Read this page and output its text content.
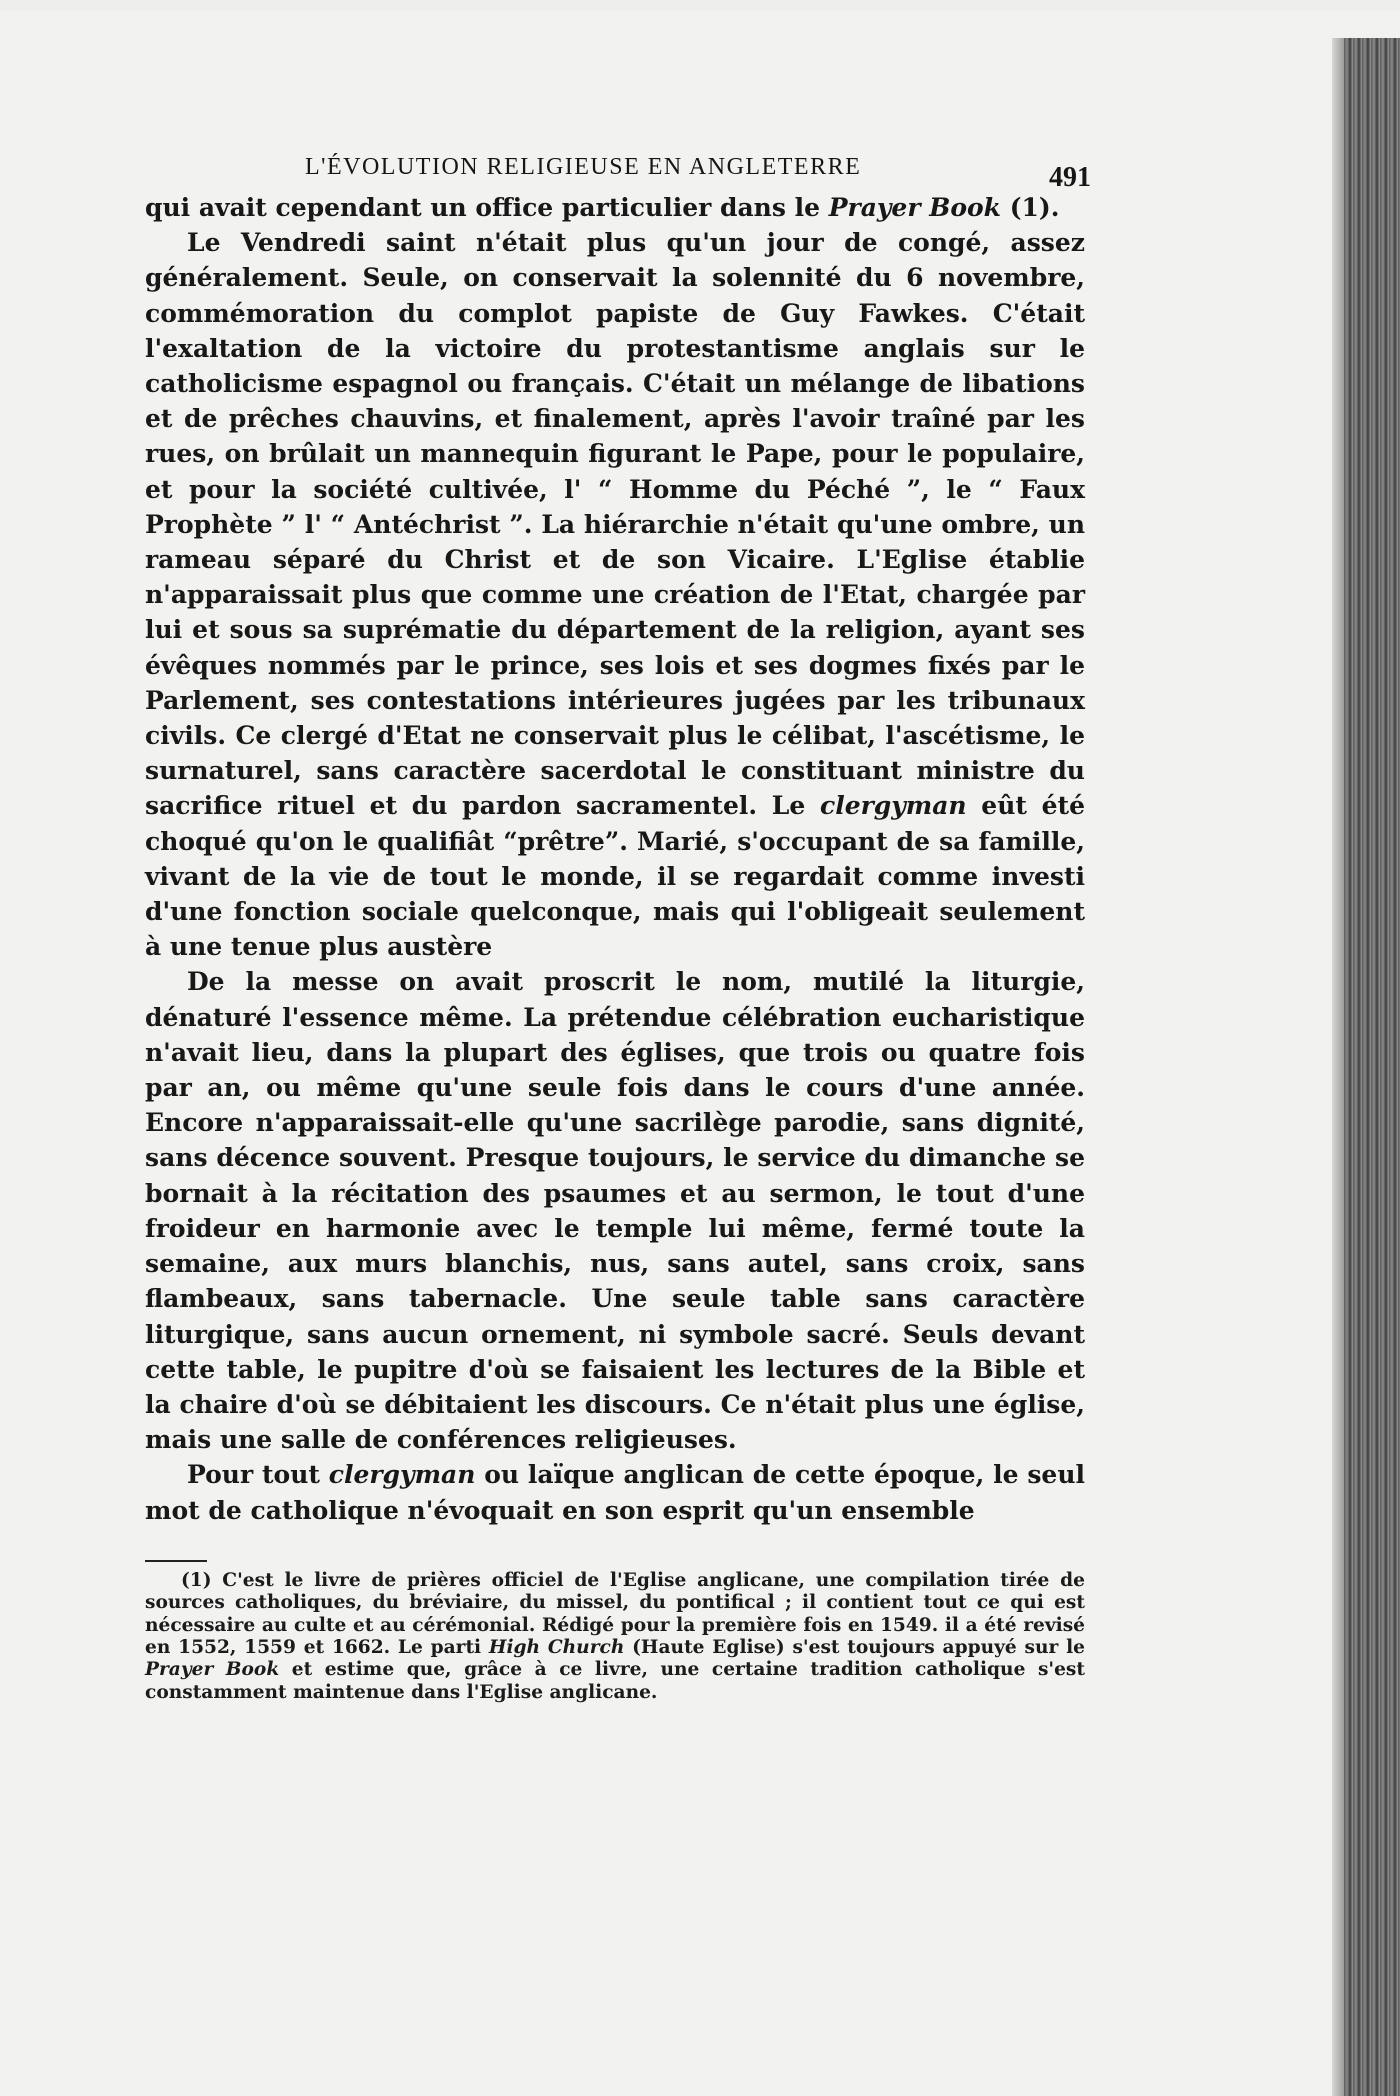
L'ÉVOLUTION RELIGIEUSE EN ANGLETERRE	491

qui avait cependant un office particulier dans le Prayer Book (1).

Le Vendredi saint n'était plus qu'un jour de congé, assez généralement. Seule, on conservait la solennité du 6 novembre, commémoration du complot papiste de Guy Fawkes. C'était l'exaltation de la victoire du protestantisme anglais sur le catholicisme espagnol ou français. C'était un mélange de libations et de prêches chauvins, et finalement, après l'avoir traîné par les rues, on brûlait un mannequin figurant le Pape, pour le populaire, et pour la société cultivée, l' “ Homme du Péché ”, le “ Faux Prophète ” l' “ Antéchrist ”. La hiérarchie n'était qu'une ombre, un rameau séparé du Christ et de son Vicaire. L'Eglise établie n'apparaissait plus que comme une création de l'Etat, chargée par lui et sous sa suprématie du département de la religion, ayant ses évêques nommés par le prince, ses lois et ses dogmes fixés par le Parlement, ses contestations intérieures jugées par les tribunaux civils. Ce clergé d'Etat ne conservait plus le célibat, l'ascétisme, le surnaturel, sans caractère sacerdotal le constituant ministre du sacrifice rituel et du pardon sacramentel. Le clergyman eût été choqué qu'on le qualifiât “prêtre”. Marié, s'occupant de sa famille, vivant de la vie de tout le monde, il se regardait comme investi d'une fonction sociale quelconque, mais qui l'obligeait seulement à une tenue plus austère

De la messe on avait proscrit le nom, mutilé la liturgie, dénaturé l'essence même. La prétendue célébration eucharistique n'avait lieu, dans la plupart des églises, que trois ou quatre fois par an, ou même qu'une seule fois dans le cours d'une année. Encore n'apparaissait-elle qu'une sacrilège parodie, sans dignité, sans décence souvent. Presque toujours, le service du dimanche se bornait à la récitation des psaumes et au sermon, le tout d'une froideur en harmonie avec le temple lui même, fermé toute la semaine, aux murs blanchis, nus, sans autel, sans croix, sans flambeaux, sans tabernacle. Une seule table sans caractère liturgique, sans aucun ornement, ni symbole sacré. Seuls devant cette table, le pupitre d'où se faisaient les lectures de la Bible et la chaire d'où se débitaient les discours. Ce n'était plus une église, mais une salle de conférences religieuses.

Pour tout clergyman ou laïque anglican de cette époque, le seul mot de catholique n'évoquait en son esprit qu'un ensemble

(1) C'est le livre de prières officiel de l'Eglise anglicane, une compilation tirée de sources catholiques, du bréviaire, du missel, du pontifical ; il contient tout ce qui est nécessaire au culte et au cérémonial. Rédigé pour la première fois en 1549. il a été revisé en 1552, 1559 et 1662. Le parti High Church (Haute Eglise) s'est toujours appuyé sur le Prayer Book et estime que, grâce à ce livre, une certaine tradition catholique s'est constamment maintenue dans l'Eglise anglicane.
